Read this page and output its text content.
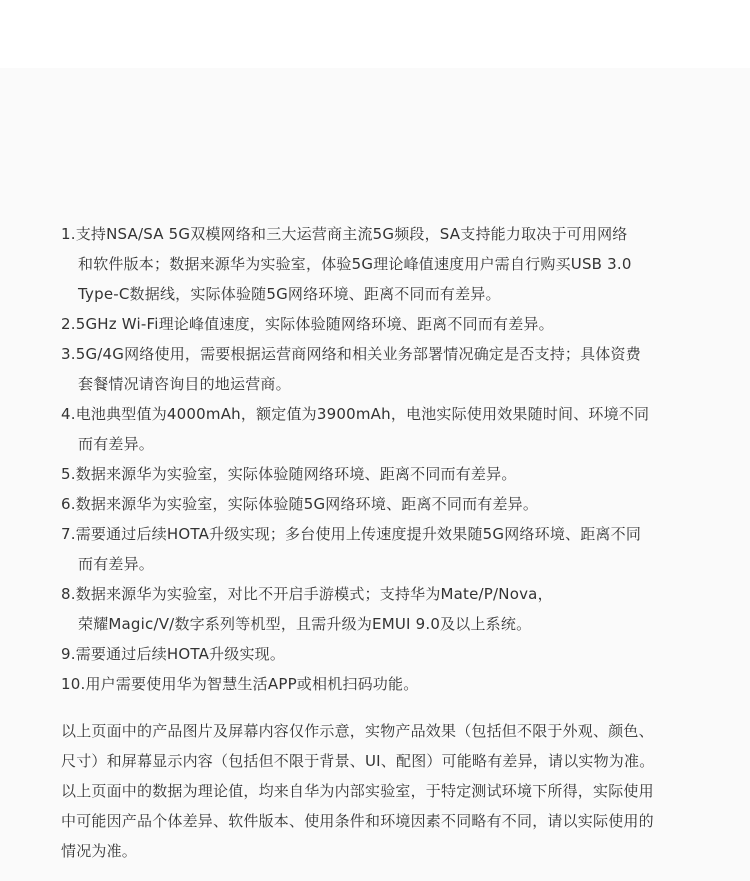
1.支持NSA/SA 5G双模网络和三大运营商主流5G频段，SA支持能力取决于可用网络
和软件版本；数据来源华为实验室，体验5G理论峰值速度用户需自行购买USB 3.0
Type-C数据线，实际体验随5G网络环境、距离不同而有差异。
2.5GHz Wi-Fi理论峰值速度，实际体验随网络环境、距离不同而有差异。
3.5G/4G网络使用，需要根据运营商网络和相关业务部署情况确定是否支持；具体资费
套餐情况请咨询目的地运营商。
4.电池典型值为4000mAh，额定值为3900mAh，电池实际使用效果随时间、环境不同
而有差异。
5.数据来源华为实验室，实际体验随网络环境、距离不同而有差异。
6.数据来源华为实验室，实际体验随5G网络环境、距离不同而有差异。
7.需要通过后续HOTA升级实现；多台使用上传速度提升效果随5G网络环境、距离不同
而有差异。
8.数据来源华为实验室，对比不开启手游模式；支持华为Mate/P/Nova，
荣耀Magic/V/数字系列等机型，且需升级为EMUI 9.0及以上系统。
9.需要通过后续HOTA升级实现。
10.用户需要使用华为智慧生活APP或相机扫码功能。
以上页面中的产品图片及屏幕内容仅作示意，实物产品效果（包括但不限于外观、颜色、
尺寸）和屏幕显示内容（包括但不限于背景、UI、配图）可能略有差异，请以实物为准。
以上页面中的数据为理论值，均来自华为内部实验室，于特定测试环境下所得，实际使用
中可能因产品个体差异、软件版本、使用条件和环境因素不同略有不同，请以实际使用的
情况为准。
